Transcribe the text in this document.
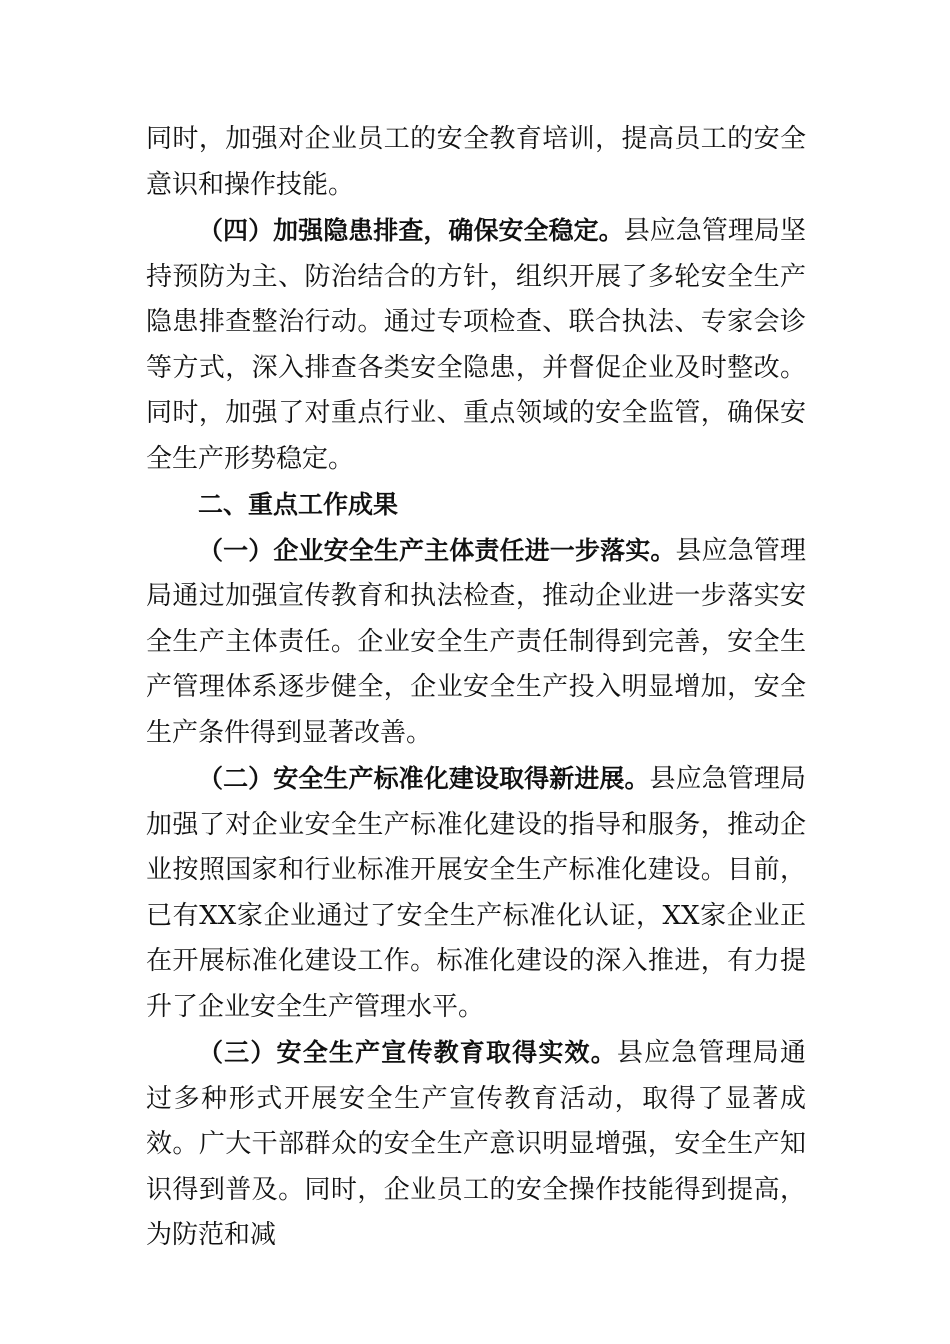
同时，加强对企业员工的安全教育培训，提高员工的安全意识和操作技能。

（四）加强隐患排查，确保安全稳定。县应急管理局坚持预防为主、防治结合的方针，组织开展了多轮安全生产隐患排查整治行动。通过专项检查、联合执法、专家会诊等方式，深入排查各类安全隐患，并督促企业及时整改。同时，加强了对重点行业、重点领域的安全监管，确保安全生产形势稳定。

二、重点工作成果

（一）企业安全生产主体责任进一步落实。县应急管理局通过加强宣传教育和执法检查，推动企业进一步落实安全生产主体责任。企业安全生产责任制得到完善，安全生产管理体系逐步健全，企业安全生产投入明显增加，安全生产条件得到显著改善。

（二）安全生产标准化建设取得新进展。县应急管理局加强了对企业安全生产标准化建设的指导和服务，推动企业按照国家和行业标准开展安全生产标准化建设。目前，已有XX家企业通过了安全生产标准化认证，XX家企业正在开展标准化建设工作。标准化建设的深入推进，有力提升了企业安全生产管理水平。

（三）安全生产宣传教育取得实效。县应急管理局通过多种形式开展安全生产宣传教育活动，取得了显著成效。广大干部群众的安全生产意识明显增强，安全生产知识得到普及。同时，企业员工的安全操作技能得到提高，为防范和减
